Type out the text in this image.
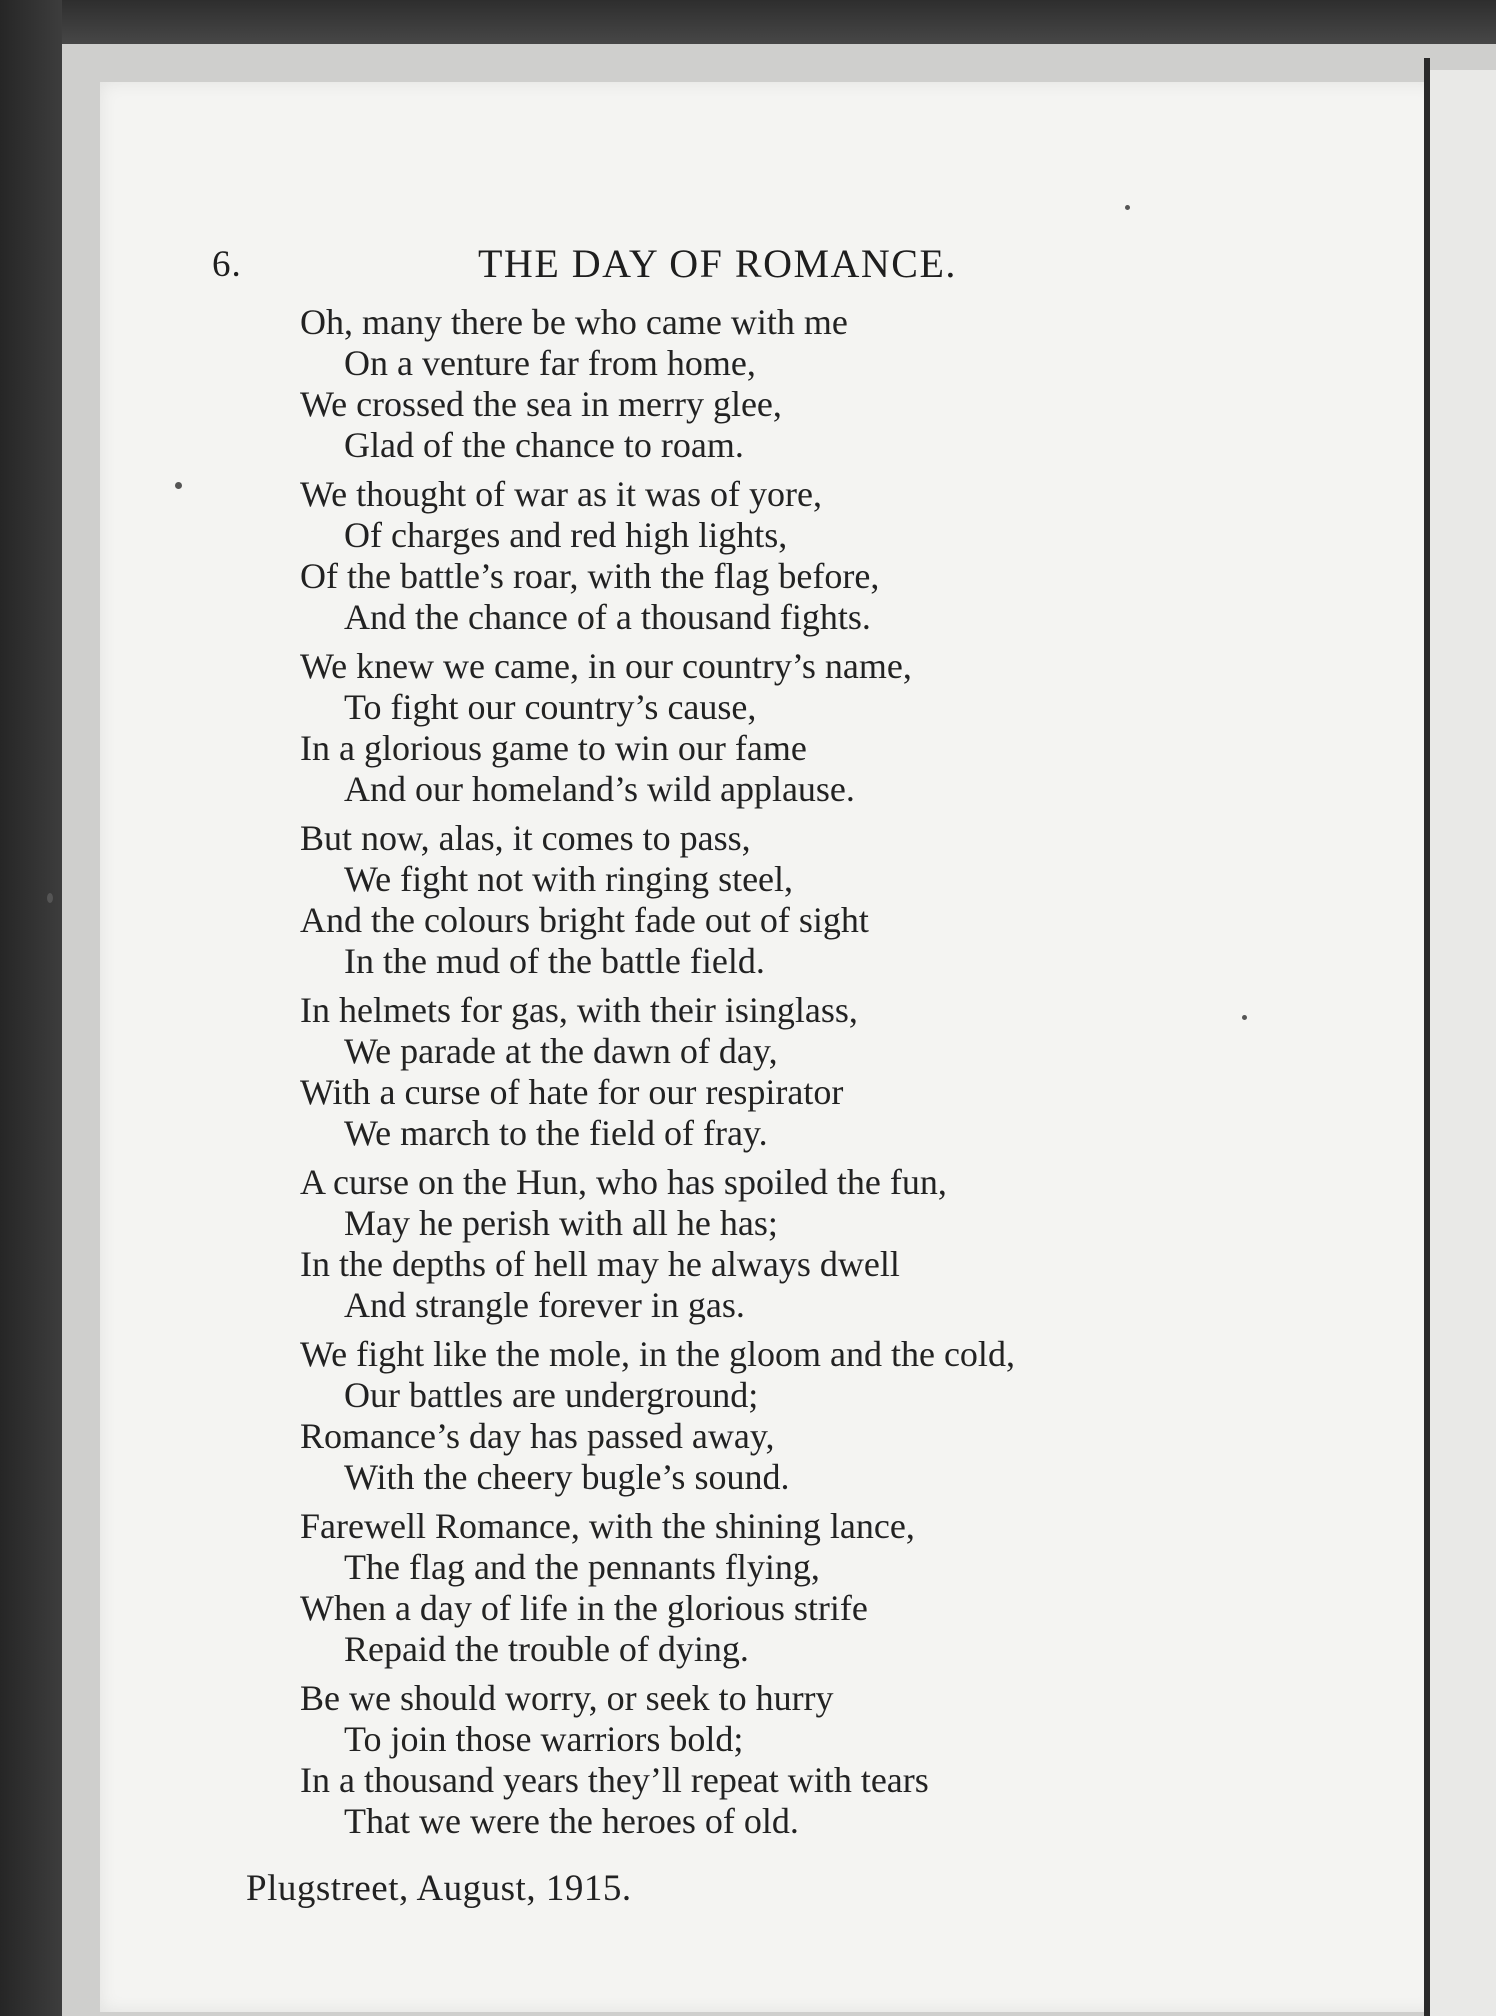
6.	THE DAY OF ROMANCE.
Oh, many there be who came with me
On a venture far from home,
We crossed the sea in merry glee,
Glad of the chance to roam.
We thought of war as it was of yore,
Of charges and red high lights,
Of the battle’s roar, with the flag before,
And the chance of a thousand fights.
We knew we came, in our country’s name,
To fight our country’s cause,
In a glorious game to win our fame
And our homeland’s wild applause.
But now, alas, it comes to pass,
We fight not with ringing steel,
And the colours bright fade out of sight
In the mud of the battle field.
In helmets for gas, with their isinglass,
We parade at the dawn of day,
With a curse of hate for our respirator
We march to the field of fray.
A curse on the Hun, who has spoiled the fun,
May he perish with all he has;
In the depths of hell may he always dwell
And strangle forever in gas.
We fight like the mole, in the gloom and the cold,
Our battles are underground;
Romance’s day has passed away,
With the cheery bugle’s sound.
Farewell Romance, with the shining lance,
The flag and the pennants flying,
When a day of life in the glorious strife
Repaid the trouble of dying.
Be we should worry, or seek to hurry
To join those warriors bold;
In a thousand years they’ll repeat with tears
That we were the heroes of old.
Plugstreet, August, 1915.
